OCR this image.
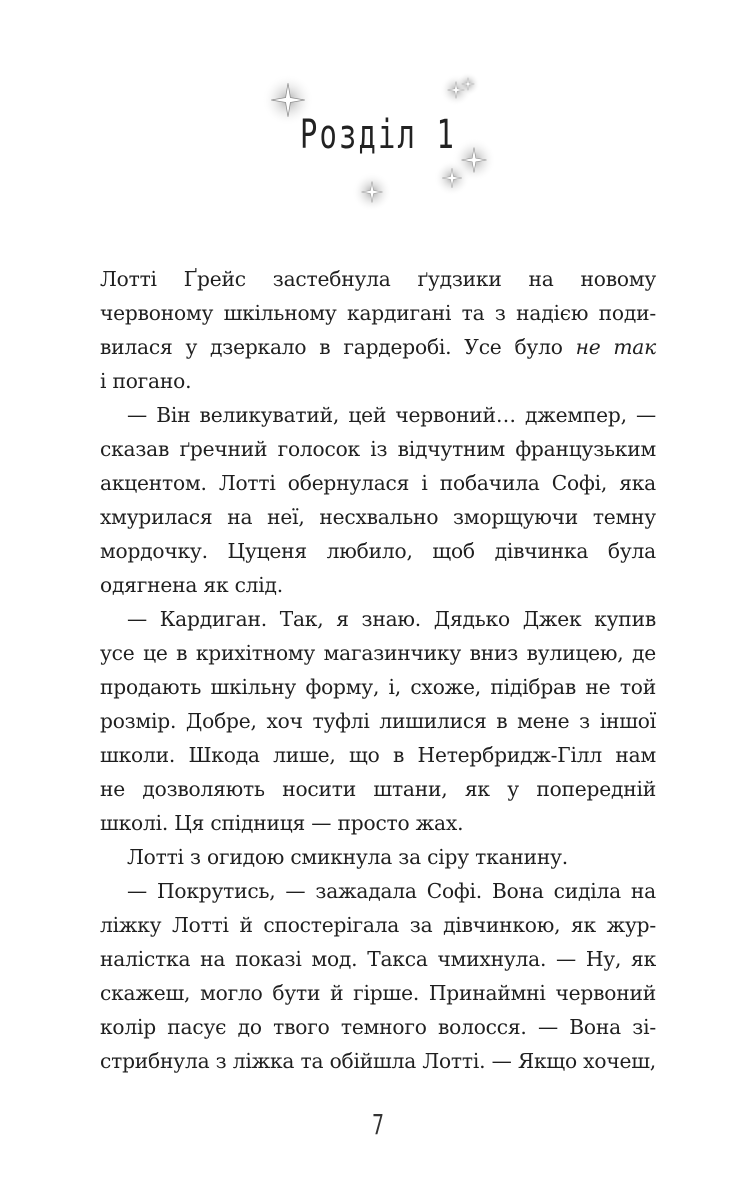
Розділ 1
Лотті Ґрейс застебнула ґудзики на новому
червоному шкільному кардигані та з надією поди-
вилася у дзеркало в гардеробі. Усе було не так
і погано.
— Він великуватий, цей червоний… джемпер, —
сказав ґречний голосок із відчутним французьким
акцентом. Лотті обернулася і побачила Софі, яка
хмурилася на неї, несхвально зморщуючи темну
мордочку. Цуценя любило, щоб дівчинка була
одягнена як слід.
— Кардиган. Так, я знаю. Дядько Джек купив
усе це в крихітному магазинчику вниз вулицею, де
продають шкільну форму, і, схоже, підібрав не той
розмір. Добре, хоч туфлі лишилися в мене з іншої
школи. Шкода лише, що в Нетербридж-Гілл нам
не дозволяють носити штани, як у попередній
школі. Ця спідниця — просто жах.
Лотті з огидою смикнула за сіру тканину.
— Покрутись, — зажадала Софі. Вона сиділа на
ліжку Лотті й спостерігала за дівчинкою, як жур-
налістка на показі мод. Такса чмихнула. — Ну, як
скажеш, могло бути й гірше. Принаймні червоний
колір пасує до твого темного волосся. — Вона зі-
стрибнула з ліжка та обійшла Лотті. — Якщо хочеш,
7
